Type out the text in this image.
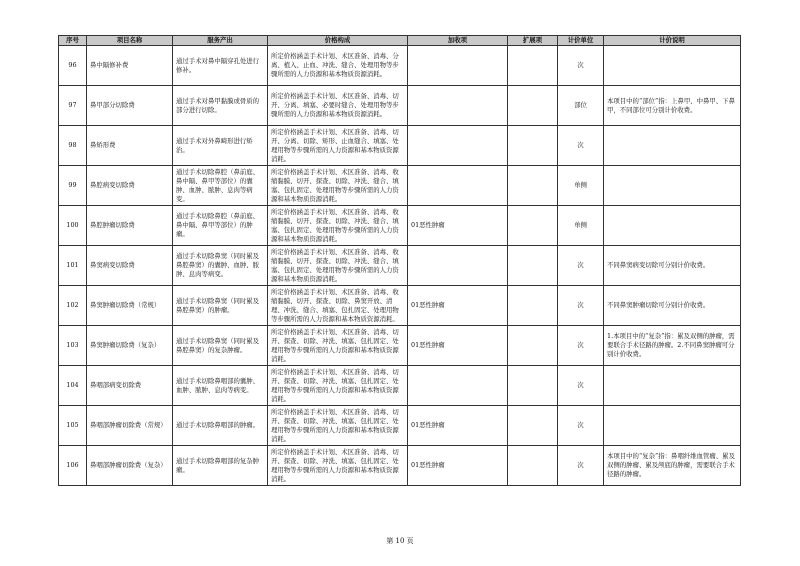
序号	项目名称	服务产出	价格构成	加收项	扩展项	计价单位	计价说明
96	鼻中隔修补费	通过手术对鼻中隔穿孔处进行修补。	所定价格涵盖手术计划、术区准备、消毒、分离、植入、止血、冲洗、缝合、处理用物等步骤所需的人力资源和基本物质资源消耗。			次	
97	鼻甲部分切除费	通过手术对鼻甲黏膜或骨质的部分进行切除。	所定价格涵盖手术计划、术区准备、消毒、切开、分离、填塞、必要时缝合、处理用物等步骤所需的人力资源和基本物质资源消耗。			部位	本项目中的“部位”指：上鼻甲、中鼻甲、下鼻甲，不同部位可分别计价收费。
98	鼻矫形费	通过手术对外鼻畸形进行矫治。	所定价格涵盖手术计划、术区准备、消毒、切开、分离、切除、矫形、止血缝合、填塞、处理用物等步骤所需的人力资源和基本物质资源消耗。			次	
99	鼻腔病变切除费	通过手术切除鼻腔（鼻前庭、鼻中隔、鼻甲等部位）的囊肿、血肿、脓肿、息肉等病变。	所定价格涵盖手术计划、术区准备、消毒、收缩黏膜、切开、探查、切除、冲洗、缝合、填塞、包扎固定、处理用物等步骤所需的人力资源和基本物质资源消耗。			单侧	
100	鼻腔肿瘤切除费	通过手术切除鼻腔（鼻前庭、鼻中隔、鼻甲等部位）的肿瘤。	所定价格涵盖手术计划、术区准备、消毒、收缩黏膜、切开、探查、切除、冲洗、缝合、填塞、包扎固定、处理用物等步骤所需的人力资源和基本物质资源消耗。	01恶性肿瘤		单侧	
101	鼻窦病变切除费	通过手术切除鼻窦（同时累及鼻腔鼻窦）的囊肿、血肿、脓肿、息肉等病变。	所定价格涵盖手术计划、术区准备、消毒、收缩黏膜、切开、探查、切除、冲洗、缝合、填塞、包扎固定、处理用物等步骤所需的人力资源和基本物质资源消耗。			次	不同鼻窦病变切除可分别计价收费。
102	鼻窦肿瘤切除费（常规）	通过手术切除鼻窦（同时累及鼻腔鼻窦）的肿瘤。	所定价格涵盖手术计划、术区准备、消毒、收缩黏膜、切开、探查、切除、鼻窦开放、清理、冲洗、缝合、填塞、包扎固定、处理用物等步骤所需的人力资源和基本物质资源消耗。	01恶性肿瘤		次	不同鼻窦肿瘤切除可分别计价收费。
103	鼻窦肿瘤切除费（复杂）	通过手术切除鼻窦（同时累及鼻腔鼻窦）的复杂肿瘤。	所定价格涵盖手术计划、术区准备、消毒、切开、探查、切除、冲洗、填塞、包扎固定、处理用物等步骤所需的人力资源和基本物质资源消耗。	01恶性肿瘤		次	1.本项目中的“复杂”指：累及双侧的肿瘤，需要联合手术径路的肿瘤。2.不同鼻窦肿瘤可分别计价收费。
104	鼻咽部病变切除费	通过手术切除鼻咽部的囊肿、血肿、脓肿、息肉等病变。	所定价格涵盖手术计划、术区准备、消毒、切开、探查、切除、冲洗、填塞、包扎固定、处理用物等步骤所需的人力资源和基本物质资源消耗。			次	
105	鼻咽部肿瘤切除费（常规）	通过手术切除鼻咽部的肿瘤。	所定价格涵盖手术计划、术区准备、消毒、切开、探查、切除、冲洗、填塞、包扎固定、处理用物等步骤所需的人力资源和基本物质资源消耗。	01恶性肿瘤		次	
106	鼻咽部肿瘤切除费（复杂）	通过手术切除鼻咽部的复杂肿瘤。	所定价格涵盖手术计划、术区准备、消毒、切开、探查、切除、冲洗、填塞、包扎固定、处理用物等步骤所需的人力资源和基本物质资源消耗。	01恶性肿瘤		次	本项目中的“复杂”指：鼻咽纤维血管瘤、累及双侧的肿瘤、累及颅底的肿瘤，需要联合手术径路的肿瘤。
第 10 页
